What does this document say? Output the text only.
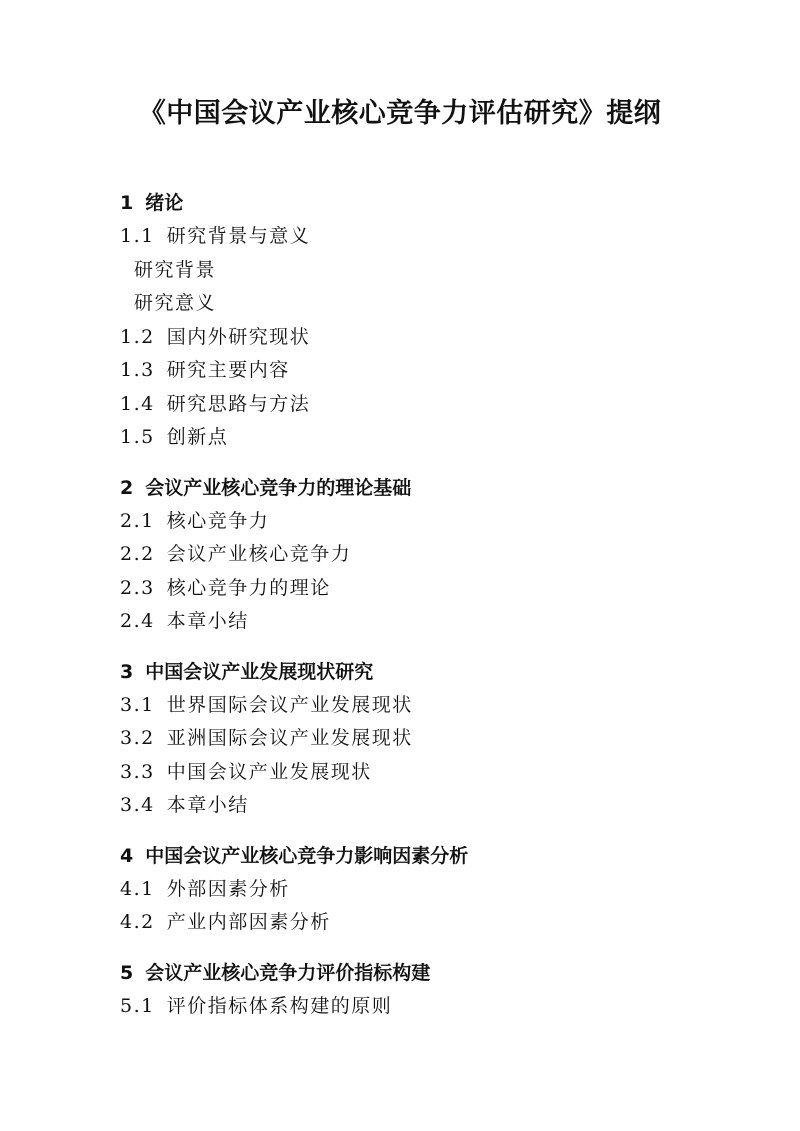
《中国会议产业核心竞争力评估研究》提纲
1 绪论
1.1 研究背景与意义
研究背景
研究意义
1.2 国内外研究现状
1.3 研究主要内容
1.4 研究思路与方法
1.5 创新点
2 会议产业核心竞争力的理论基础
2.1 核心竞争力
2.2 会议产业核心竞争力
2.3 核心竞争力的理论
2.4 本章小结
3 中国会议产业发展现状研究
3.1 世界国际会议产业发展现状
3.2 亚洲国际会议产业发展现状
3.3 中国会议产业发展现状
3.4 本章小结
4 中国会议产业核心竞争力影响因素分析
4.1 外部因素分析
4.2 产业内部因素分析
5 会议产业核心竞争力评价指标构建
5.1 评价指标体系构建的原则
